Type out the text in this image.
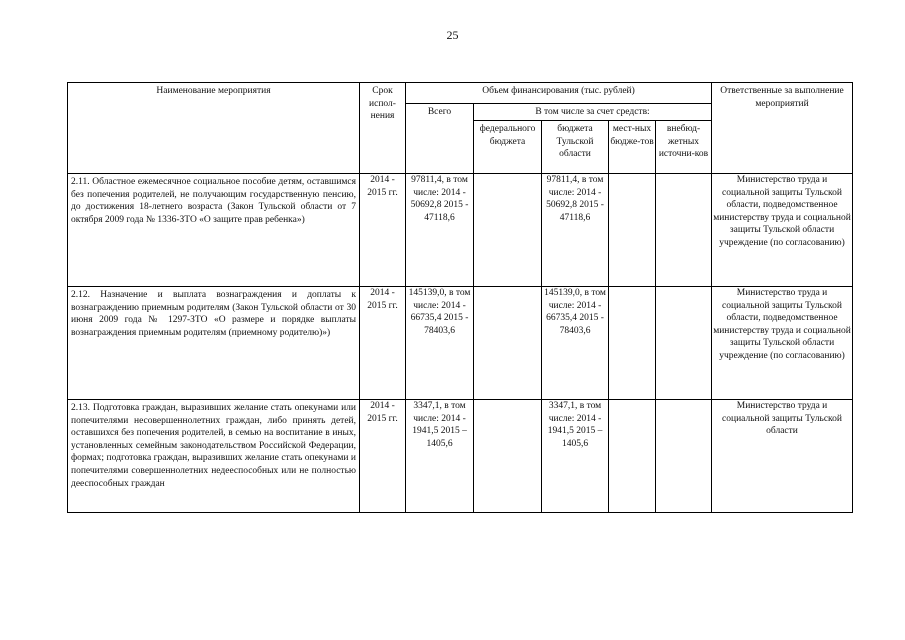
25
Наименование мероприятия	Срок испол-нения	Объем финансирования (тыс. рублей)					Ответственные за выполнение мероприятий
		Всего	В том числе за счет средств:				
			федерального бюджета	бюджета Тульской области	мест-ных бюдже-тов	внебюд-жетных источни-ков	
2.11. Областное ежемесячное социальное пособие детям, оставшимся без попечения родителей, не получающим государственную пенсию, до достижения 18-летнего возраста (Закон Тульской области от 7 октября 2009 года № 1336-ЗТО «О защите прав ребенка»)	2014 - 2015 гг.	97811,4, в том числе: 2014 - 50692,8 2015 - 47118,6		97811,4, в том числе: 2014 - 50692,8 2015 - 47118,6			Министерство труда и социальной защиты Тульской области, подведомственное министерству труда и социальной защиты Тульской области учреждение (по согласованию)
2.12. Назначение и выплата вознаграждения и доплаты к вознаграждению приемным родителям (Закон Тульской области от 30 июня 2009 года № 1297-ЗТО «О размере и порядке выплаты вознаграждения приемным родителям (приемному родителю)»)	2014 - 2015 гг.	145139,0, в том числе: 2014 - 66735,4 2015 - 78403,6		145139,0, в том числе: 2014 - 66735,4 2015 - 78403,6			Министерство труда и социальной защиты Тульской области, подведомственное министерству труда и социальной защиты Тульской области учреждение (по согласованию)
2.13. Подготовка граждан, выразивших желание стать опекунами или попечителями несовершеннолетних граждан, либо принять детей, оставшихся без попечения родителей, в семью на воспитание в иных, установленных семейным законодательством Российской Федерации, формах; подготовка граждан, выразивших желание стать опекунами и попечителями совершеннолетних недееспособных или не полностью дееспособных граждан	2014 - 2015 гг.	3347,1, в том числе: 2014 - 1941,5 2015 – 1405,6		3347,1, в том числе: 2014 - 1941,5 2015 – 1405,6			Министерство труда и социальной защиты Тульской области
